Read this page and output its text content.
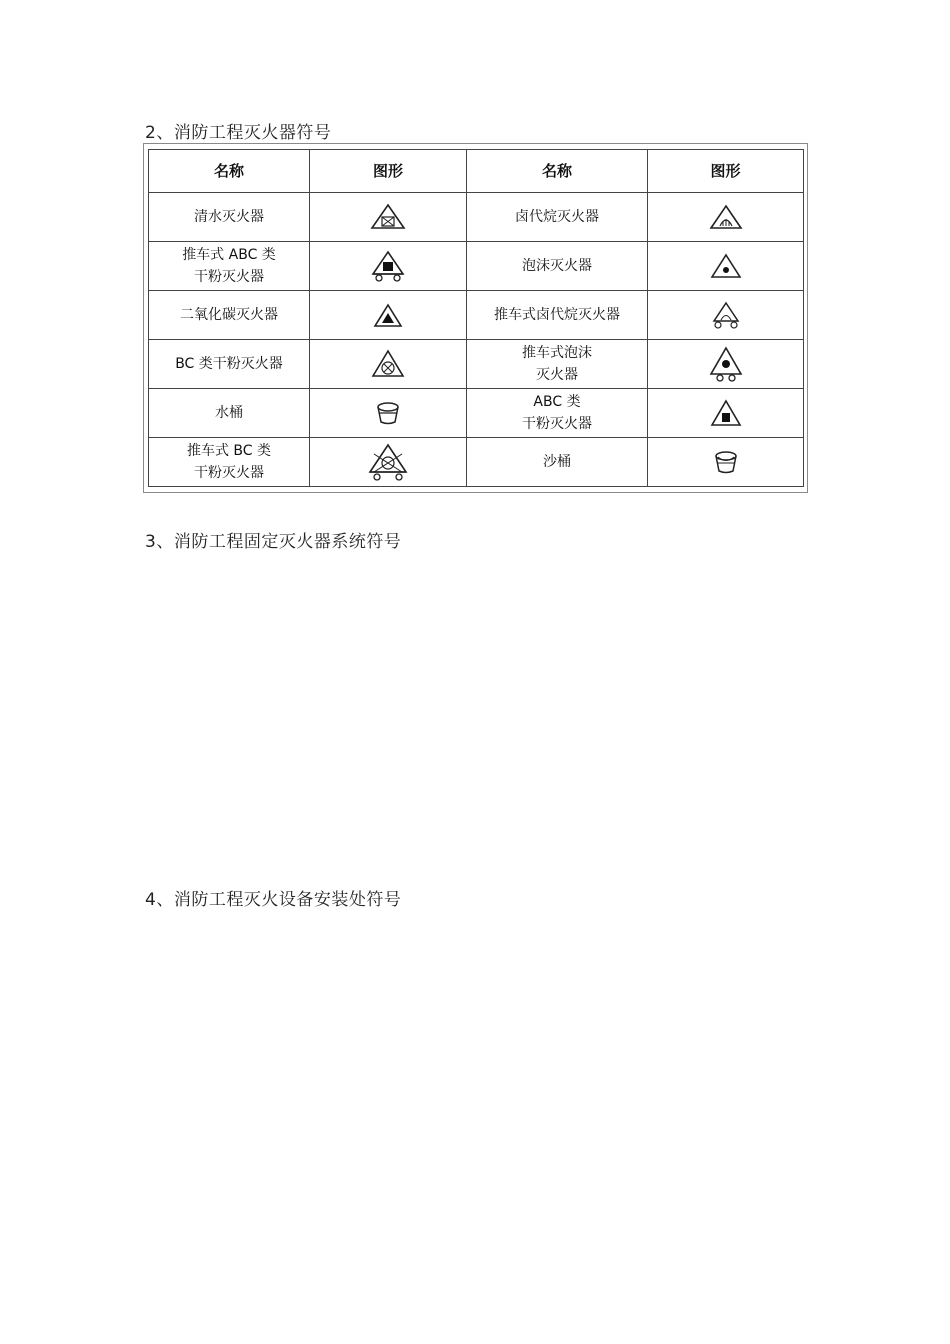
2、消防工程灭火器符号
名称	图形	名称	图形
清水灭火器		卤代烷灭火器	

推车式 ABC 类
干粉灭火器		泡沫灭火器	

二氧化碳灭火器		推车式卤代烷灭火器	

BC 类干粉灭火器		推车式泡沫
灭火器

水桶		ABC 类
干粉灭火器

推车式 BC 类
干粉灭火器		沙桶	
3、消防工程固定灭火器系统符号
4、消防工程灭火设备安装处符号
